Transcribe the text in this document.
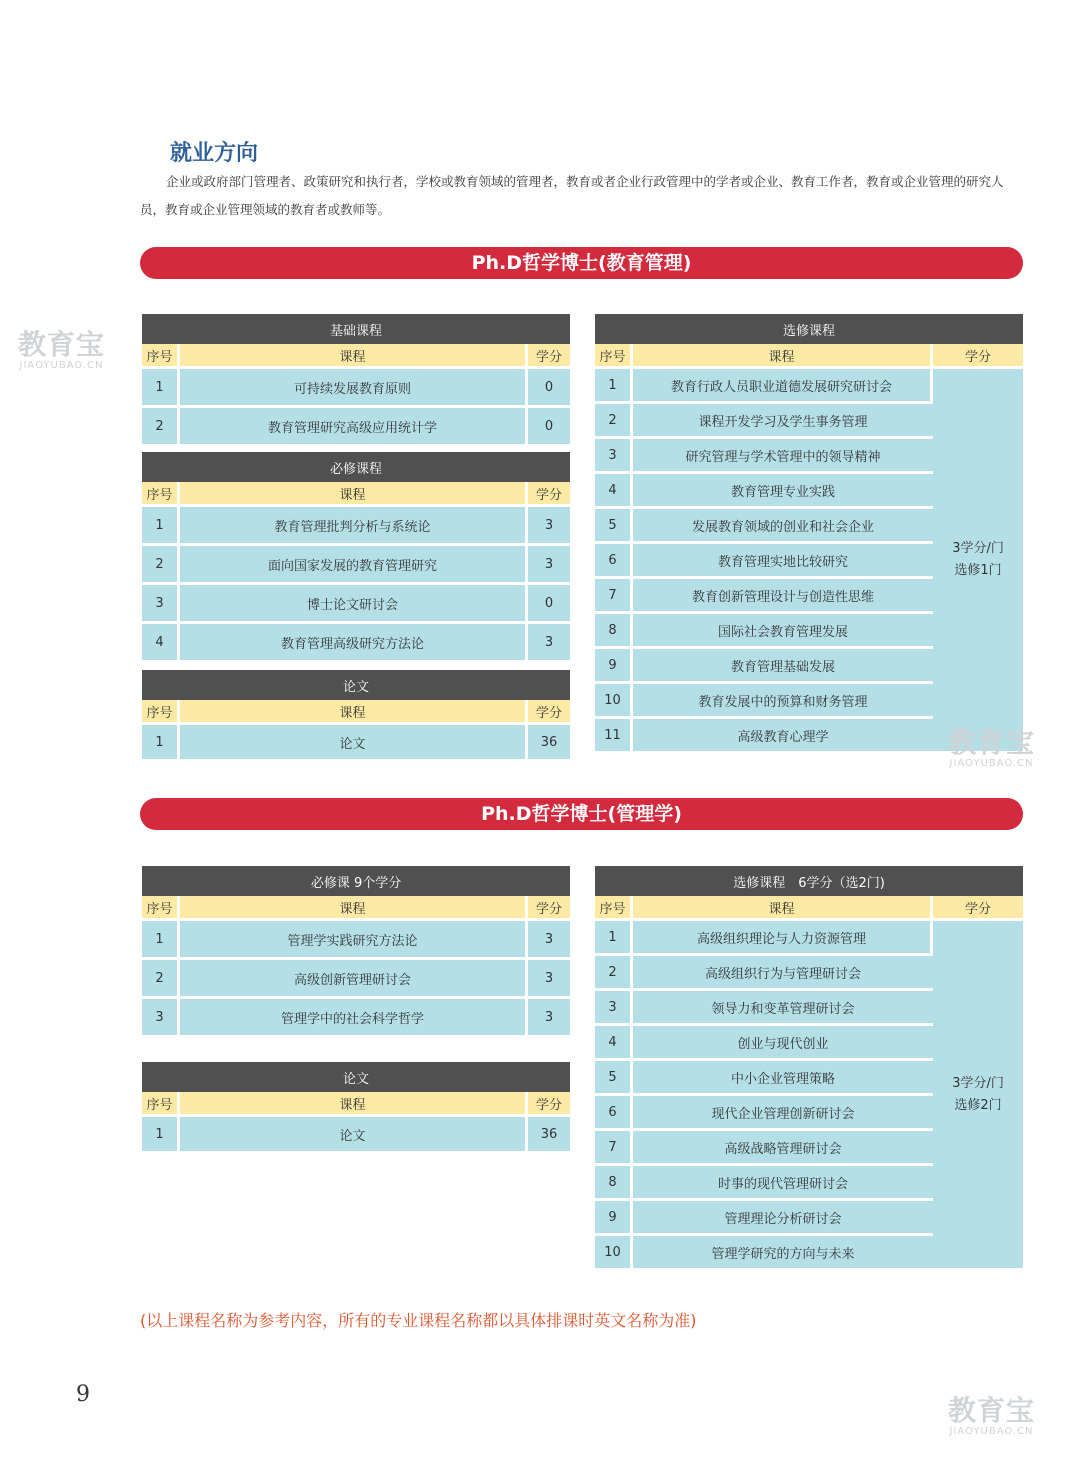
就业方向
企业或政府部门管理者、政策研究和执行者，学校或教育领域的管理者，教育或者企业行政管理中的学者或企业、教育工作者，教育或企业管理的研究人员，教育或企业管理领域的教育者或教师等。
Ph.D哲学博士(教育管理)
基础课程		
序号	课程	学分
1	可持续发展教育原则	0
2	教育管理研究高级应用统计学	0
必修课程		
序号	课程	学分
1	教育管理批判分析与系统论	3
2	面向国家发展的教育管理研究	3
3	博士论文研讨会	0
4	教育管理高级研究方法论	3
论文		
序号	课程	学分
1	论文	36
选修课程		
序号	课程	学分
1	教育行政人员职业道德发展研究研讨会	3学分/门
选修1门

2	课程开发学习及学生事务管理	
3	研究管理与学术管理中的领导精神	
4	教育管理专业实践	
5	发展教育领域的创业和社会企业	
6	教育管理实地比较研究	
7	教育创新管理设计与创造性思维	
8	国际社会教育管理发展	
9	教育管理基础发展	
10	教育发展中的预算和财务管理	
11	高级教育心理学	
Ph.D哲学博士(管理学)
必修课 9个学分		
序号	课程	学分
1	管理学实践研究方法论	3
2	高级创新管理研讨会	3
3	管理学中的社会科学哲学	3
论文		
序号	课程	学分
1	论文	36
选修课程　6学分（选2门)		
序号	课程	学分
1	高级组织理论与人力资源管理	3学分/门
选修2门

2	高级组织行为与管理研讨会	
3	领导力和变革管理研讨会	
4	创业与现代创业	
5	中小企业管理策略	
6	现代企业管理创新研讨会	
7	高级战略管理研讨会	
8	时事的现代管理研讨会	
9	管理理论分析研讨会	
10	管理学研究的方向与未来	
(以上课程名称为参考内容，所有的专业课程名称都以具体排课时英文名称为准)
9
教育宝
JIAOYUBAO.CN
教育宝
JIAOYUBAO.CN
教育宝
JIAOYUBAO.CN
